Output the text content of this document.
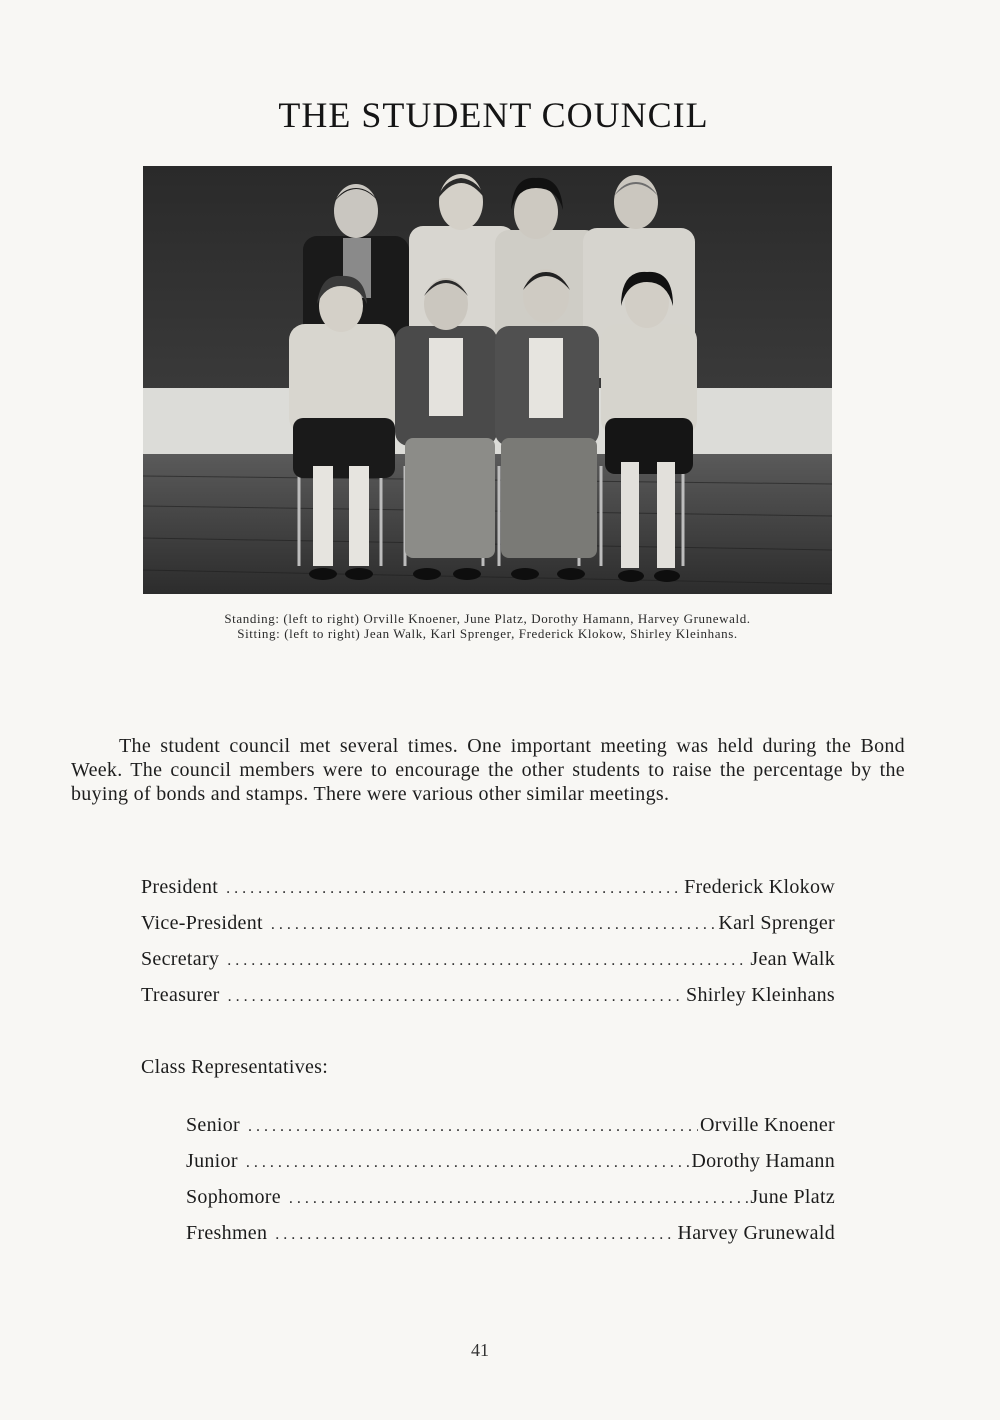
THE STUDENT COUNCIL
Standing: (left to right) Orville Knoener, June Platz, Dorothy Hamann, Harvey Grunewald.
Sitting: (left to right) Jean Walk, Karl Sprenger, Frederick Klokow, Shirley Kleinhans.

The student council met several times. One important meeting was held during the Bond Week. The council members were to encourage the other students to raise the percentage by the buying of bonds and stamps. There were various other similar meetings.

President . . .	Frederick Klokow
Vice-President . . .	Karl Sprenger
Secretary . . .	Jean Walk
Treasurer . . .	Shirley Kleinhans
Class Representatives:
Senior . . .	Orville Knoener
Junior . . .	Dorothy Hamann
Sophomore . . .	June Platz
Freshmen . . .	Harvey Grunewald
41
